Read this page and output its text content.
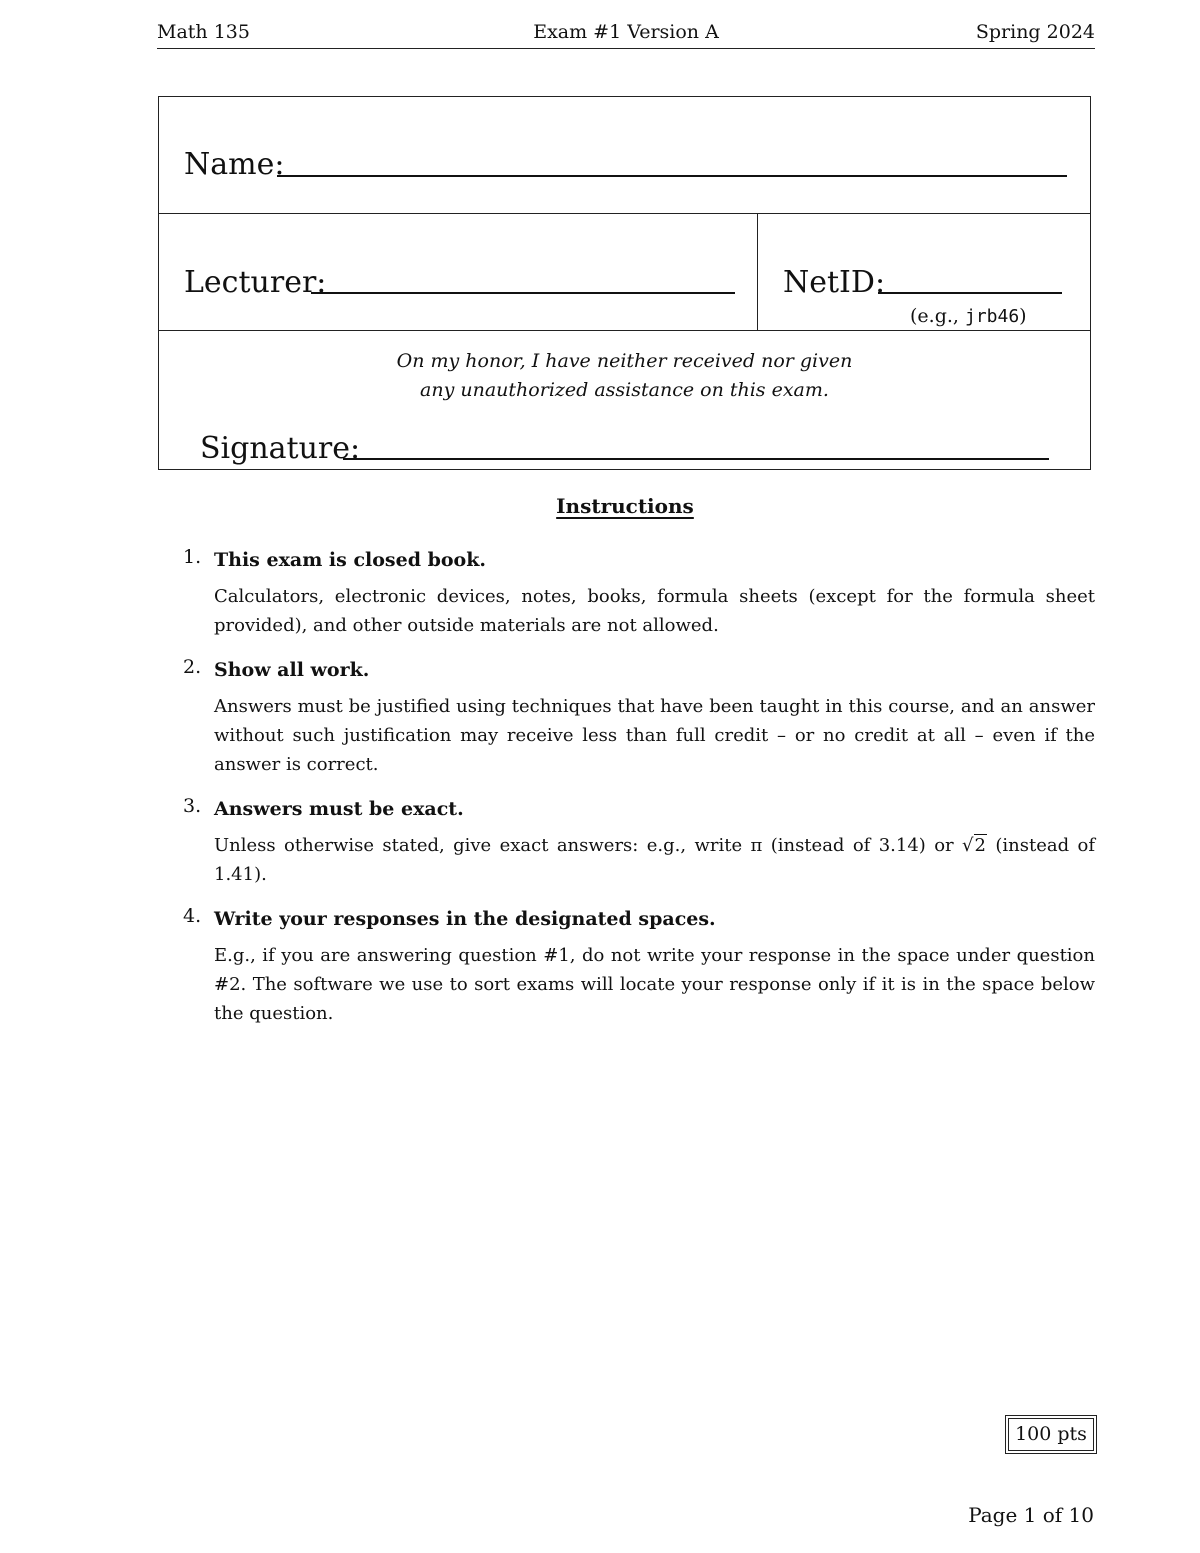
Math 135	Exam #1 Version A	Spring 2024
Name:
Lecturer:	NetID:
(e.g., jrb46)
On my honor, I have neither received nor given
any unauthorized assistance on this exam.
Signature:
Instructions
1. This exam is closed book.

Calculators, electronic devices, notes, books, formula sheets (except for the formula sheet provided), and other outside materials are not allowed.

2. Show all work.

Answers must be justified using techniques that have been taught in this course, and an answer without such justification may receive less than full credit – or no credit at all – even if the answer is correct.

3. Answers must be exact.

Unless otherwise stated, give exact answers: e.g., write π (instead of 3.14) or √2 (instead of 1.41).

4. Write your responses in the designated spaces.

E.g., if you are answering question #1, do not write your response in the space under question #2. The software we use to sort exams will locate your response only if it is in the space below the question.

100 pts
Page 1 of 10
